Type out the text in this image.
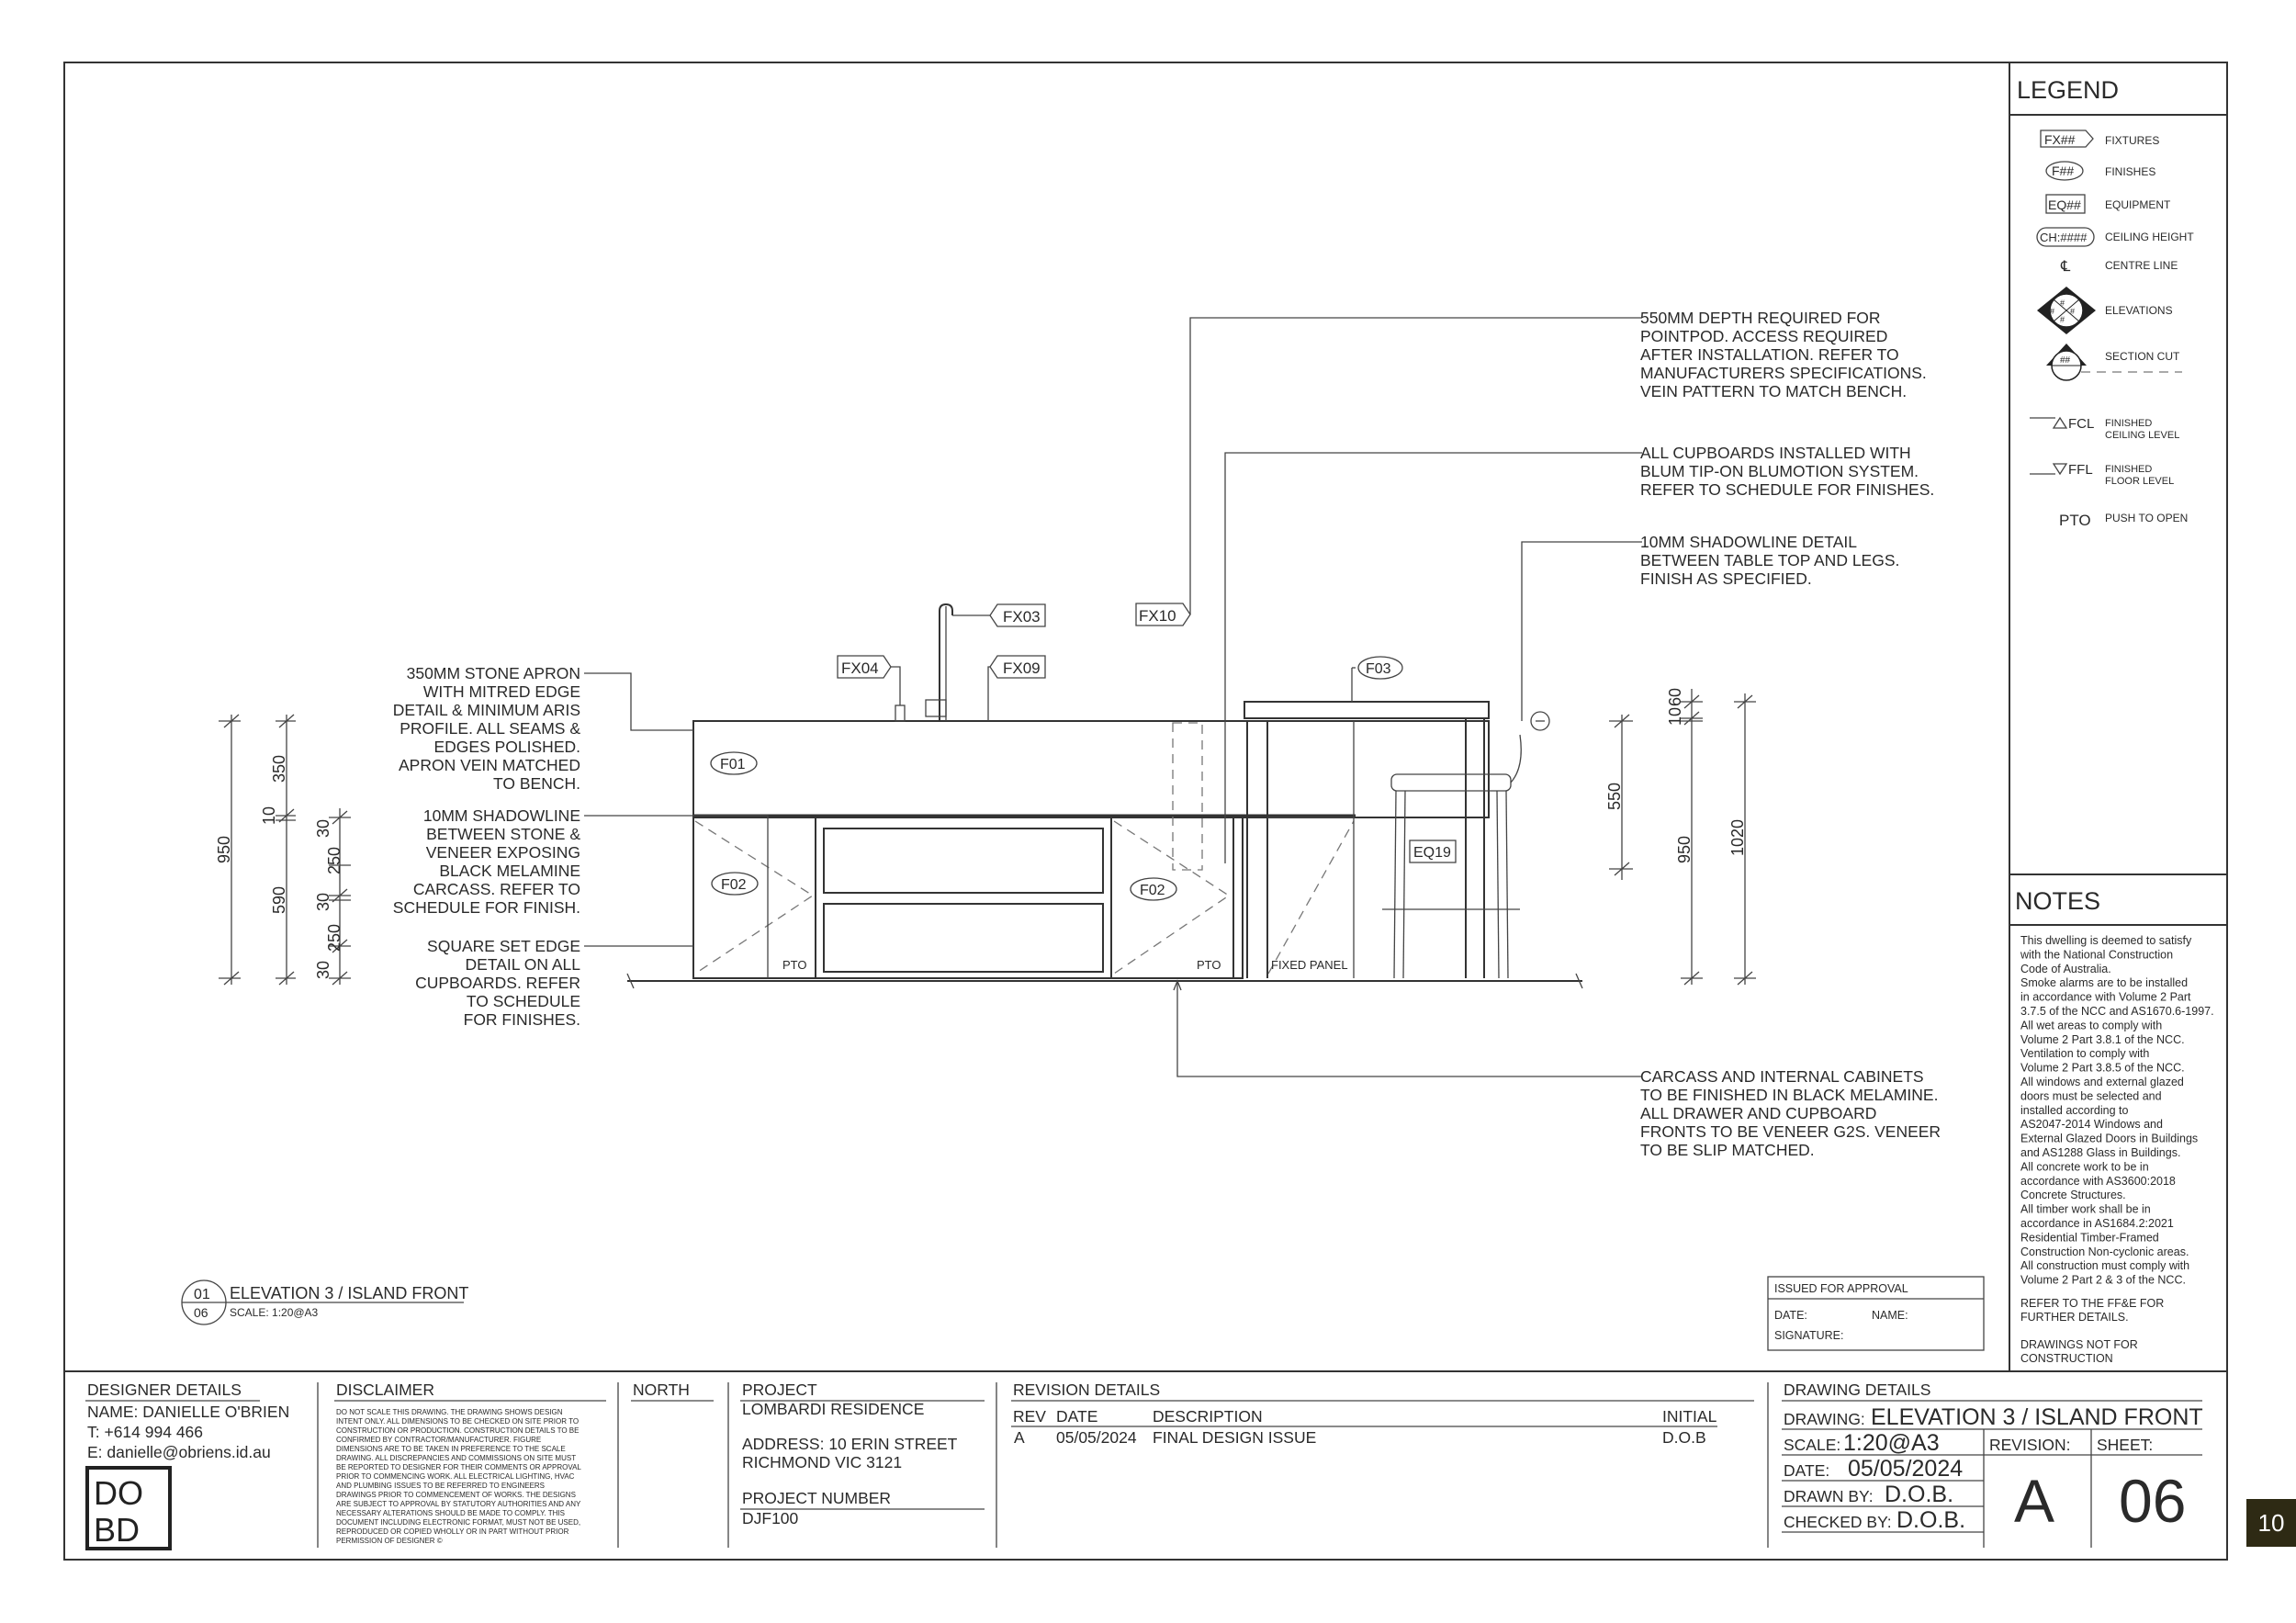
LEGEND
FX##	FIXTURES
F##	FINISHES
EQ## EQUIPMENT
CH:#### CEILING HEIGHT
℄	CENTRE LINE
#
#
# #	ELEVATIONS
##	SECTION CUT
FCL FINISHED
CEILING LEVEL
FFL FINISHED
FLOOR LEVEL
PTO PUSH TO OPEN
NOTES
This dwelling is deemed to satisfy
with the National Construction
Code of Australia.
Smoke alarms are to be installed
in accordance with Volume 2 Part
3.7.5 of the NCC and AS1670.6-1997.
All wet areas to comply with
Volume 2 Part 3.8.1 of the NCC.
Ventilation to comply with
Volume 2 Part 3.8.5 of the NCC.
All windows and external glazed
doors must be selected and
installed according to
AS2047-2014 Windows and
External Glazed Doors in Buildings
and AS1288 Glass in Buildings.
All concrete work to be in
accordance with AS3600:2018
Concrete Structures.
All timber work shall be in
accordance in AS1684.2:2021
Residential Timber-Framed
Construction Non-cyclonic areas.
All construction must comply with
Volume 2 Part 2 & 3 of the NCC.
REFER TO THE FF&E FOR
FURTHER DETAILS.
DRAWINGS NOT FOR
CONSTRUCTION
ISSUED FOR APPROVAL
DATE:	NAME:
SIGNATURE:
01
06
ELEVATION 3 / ISLAND FRONT
SCALE: 1:20@A3
PTO	PTO	FIXED PANEL
FX03
FX04	FX09
FX10
F03
F01
F02	F02
EQ19
550MM DEPTH REQUIRED FOR
POINTPOD. ACCESS REQUIRED
AFTER INSTALLATION. REFER TO
MANUFACTURERS SPECIFICATIONS.
VEIN PATTERN TO MATCH BENCH.
ALL CUPBOARDS INSTALLED WITH
BLUM TIP-ON BLUMOTION SYSTEM.
REFER TO SCHEDULE FOR FINISHES.
10MM SHADOWLINE DETAIL
BETWEEN TABLE TOP AND LEGS.
FINISH AS SPECIFIED.
CARCASS AND INTERNAL CABINETS
TO BE FINISHED IN BLACK MELAMINE.
ALL DRAWER AND CUPBOARD
FRONTS TO BE VENEER G2S. VENEER
TO BE SLIP MATCHED.
350MM STONE APRON
WITH MITRED EDGE
DETAIL & MINIMUM ARIS
PROFILE. ALL SEAMS &
EDGES POLISHED.
APRON VEIN MATCHED
TO BENCH.
10MM SHADOWLINE
BETWEEN STONE &
VENEER EXPOSING
BLACK MELAMINE
CARCASS. REFER TO
SCHEDULE FOR FINISH.
SQUARE SET EDGE
DETAIL ON ALL
CUPBOARDS. REFER
TO SCHEDULE
FOR FINISHES.
950
350
10
590
30
250
30
250
30
550
10
60
950 1020
DESIGNER DETAILS
NAME: DANIELLE O'BRIEN
T: +614 994 466
E: danielle@obriens.id.au
DO
BD
DISCLAIMER
DO NOT SCALE THIS DRAWING. THE DRAWING SHOWS DESIGN
INTENT ONLY. ALL DIMENSIONS TO BE CHECKED ON SITE PRIOR TO
CONSTRUCTION OR PRODUCTION. CONSTRUCTION DETAILS TO BE
CONFIRMED BY CONTRACTOR/MANUFACTURER. FIGURE
DIMENSIONS ARE TO BE TAKEN IN PREFERENCE TO THE SCALE
DRAWING. ALL DISCREPANCIES AND COMMISSIONS ON SITE MUST
BE REPORTED TO DESIGNER FOR THEIR COMMENTS OR APPROVAL
PRIOR TO COMMENCING WORK. ALL ELECTRICAL LIGHTING, HVAC
AND PLUMBING ISSUES TO BE REFERRED TO ENGINEERS
DRAWINGS PRIOR TO COMMENCEMENT OF WORKS. THE DESIGNS
ARE SUBJECT TO APPROVAL BY STATUTORY AUTHORITIES AND ANY
NECESSARY ALTERATIONS SHOULD BE MADE TO COMPLY. THIS
DOCUMENT INCLUDING ELECTRONIC FORMAT, MUST NOT BE USED,
REPRODUCED OR COPIED WHOLLY OR IN PART WITHOUT PRIOR
PERMISSION OF DESIGNER ©
NORTH	PROJECT
LOMBARDI RESIDENCE
ADDRESS: 10 ERIN STREET
RICHMOND VIC 3121
PROJECT NUMBER
DJF100
REVISION DETAILS
REV DATE	DESCRIPTION	INITIAL
A 05/05/2024 FINAL DESIGN ISSUE	D.O.B
DRAWING DETAILS
DRAWING: ELEVATION 3 / ISLAND FRONT
SCALE: 1:20@A3
DATE: 05/05/2024
DRAWN BY: D.O.B.
CHECKED BY: D.O.B.
REVISION: SHEET:
A 06	10
